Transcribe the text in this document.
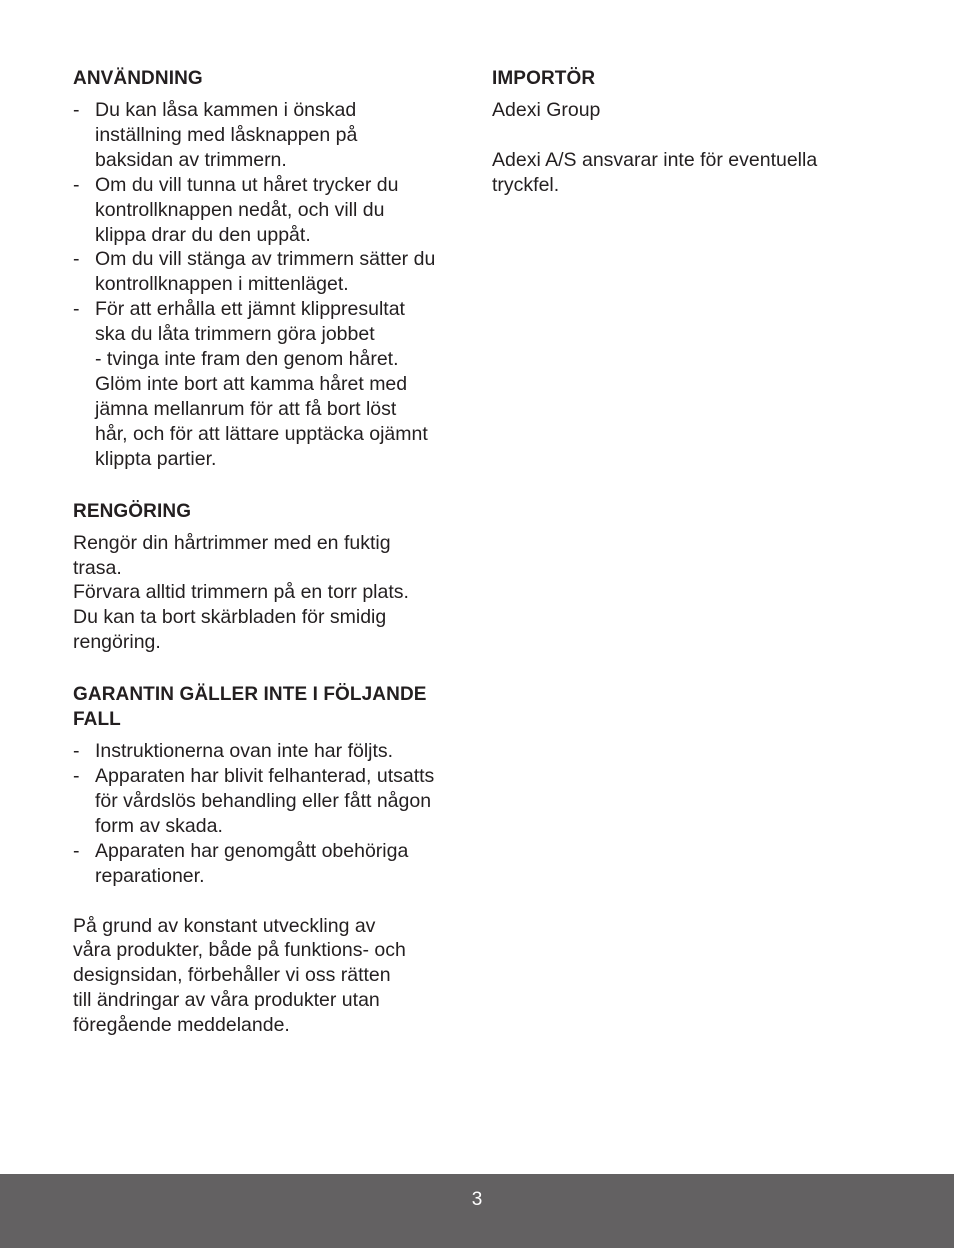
ANVÄNDNING
- Du kan låsa kammen i önskad
inställning med låsknappen på
baksidan av trimmern.
- Om du vill tunna ut håret trycker du
kontrollknappen nedåt, och vill du
klippa drar du den uppåt.
- Om du vill stänga av trimmern sätter du
kontrollknappen i mittenläget.
- För att erhålla ett jämnt klippresultat
ska du låta trimmern göra jobbet
- tvinga inte fram den genom håret.
Glöm inte bort att kamma håret med
jämna mellanrum för att få bort löst
hår, och för att lättare upptäcka ojämnt
klippta partier.
RENGÖRING

Rengör din hårtrimmer med en fuktig
trasa.
Förvara alltid trimmern på en torr plats.
Du kan ta bort skärbladen för smidig
rengöring.

GARANTIN GÄLLER INTE I FÖLJANDE
FALL
- Instruktionerna ovan inte har följts.
- Apparaten har blivit felhanterad, utsatts
för vårdslös behandling eller fått någon
form av skada.
- Apparaten har genomgått obehöriga
reparationer.

På grund av konstant utveckling av
våra produkter, både på funktions- och
designsidan, förbehåller vi oss rätten
till ändringar av våra produkter utan
föregående meddelande.

IMPORTÖR

Adexi Group

Adexi A/S ansvarar inte för eventuella
tryckfel.

3
